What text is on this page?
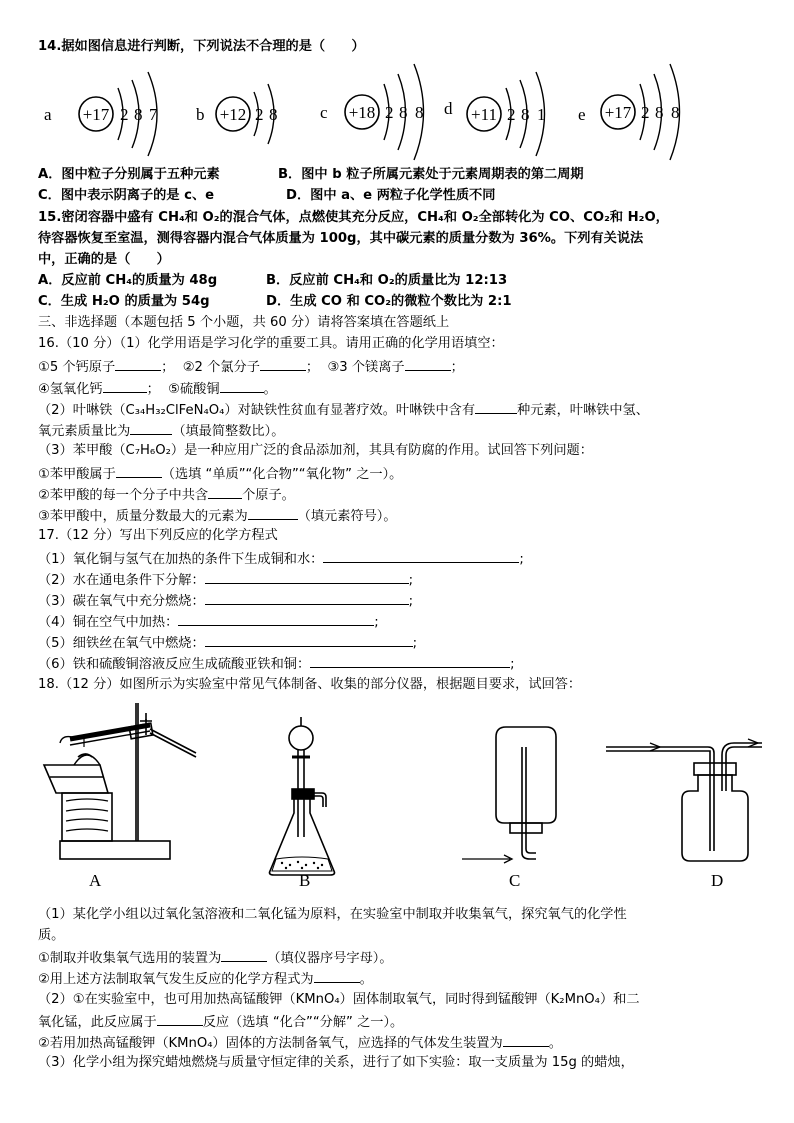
14.据如图信息进行判断，下列说法不合理的是（　　）
a +17 2 8 7 b +12 2 8	c +18 2 8 8 d +11 2 8 1 e +17 2 8 8
A．图中粒子分别属于五种元素	B．图中 b 粒子所属元素处于元素周期表的第二周期
C．图中表示阴离子的是 c、e	D．图中 a、e 两粒子化学性质不同
15.密闭容器中盛有 CH₄和 O₂的混合气体，点燃使其充分反应，CH₄和 O₂全部转化为 CO、CO₂和 H₂O，
待容器恢复至室温，测得容器内混合气体质量为 100g，其中碳元素的质量分数为 36%。下列有关说法
中，正确的是（　　）
A．反应前 CH₄的质量为 48g	B．反应前 CH₄和 O₂的质量比为 12:13
C．生成 H₂O 的质量为 54g	D．生成 CO 和 CO₂的微粒个数比为 2:1
三、非选择题（本题包括 5 个小题，共 60 分）请将答案填在答题纸上
16.（10 分）（1）化学用语是学习化学的重要工具。请用正确的化学用语填空：
①5 个钙原子	；  ②2 个氯分子	；  ③3 个镁离子	；
④氢氧化钙	；  ⑤硫酸铜	。
（2）叶啉铁（C₃₄H₃₂ClFeN₄O₄）对缺铁性贫血有显著疗效。叶啉铁中含有	种元素，叶啉铁中氢、
氧元素质量比为	（填最简整数比）。
（3）苯甲酸（C₇H₆O₂）是一种应用广泛的食品添加剂，其具有防腐的作用。试回答下列问题：
①苯甲酸属于	（选填 “单质”“化合物”“氧化物” 之一）。
②苯甲酸的每一个分子中共含	个原子。
③苯甲酸中，质量分数最大的元素为	（填元素符号）。
17.（12 分）写出下列反应的化学方程式
（1）氧化铜与氢气在加热的条件下生成铜和水：	;
（2）水在通电条件下分解：	;
（3）碳在氧气中充分燃烧：	;
（4）铜在空气中加热：	;
（5）细铁丝在氧气中燃烧：	;
（6）铁和硫酸铜溶液反应生成硫酸亚铁和铜：	;
18.（12 分）如图所示为实验室中常见气体制备、收集的部分仪器，根据题目要求，试回答：
A	B	C	D
（1）某化学小组以过氧化氢溶液和二氧化锰为原料，在实验室中制取并收集氧气，探究氧气的化学性
质。
①制取并收集氧气选用的装置为	（填仪器序号字母）。
②用上述方法制取氧气发生反应的化学方程式为	。
（2）①在实验室中，也可用加热高锰酸钾（KMnO₄）固体制取氧气，同时得到锰酸钾（K₂MnO₄）和二
氧化锰，此反应属于	反应（选填 “化合”“分解” 之一）。
②若用加热高锰酸钾（KMnO₄）固体的方法制备氧气，应选择的气体发生装置为	。
（3）化学小组为探究蜡烛燃烧与质量守恒定律的关系，进行了如下实验：取一支质量为 15g 的蜡烛，
